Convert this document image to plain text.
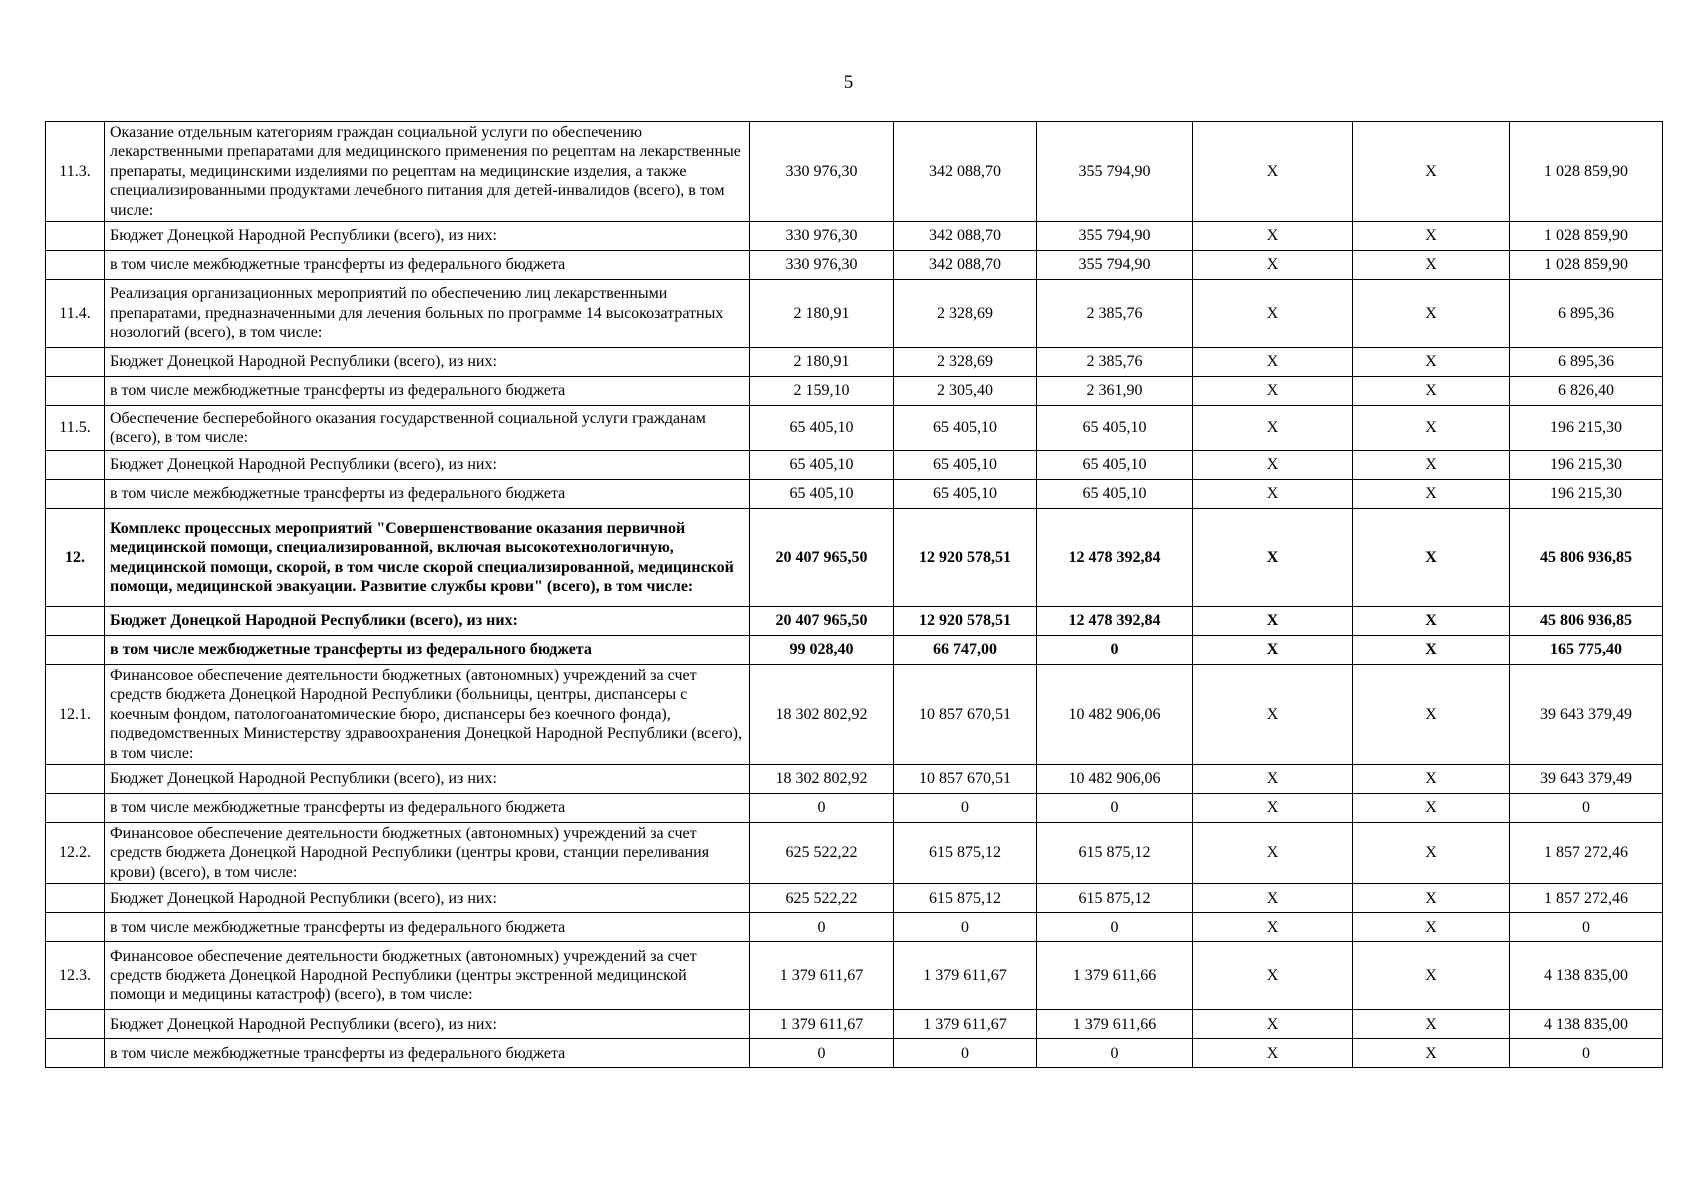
5
11.3.	Оказание отдельным категориям граждан социальной услуги по обеспечению лекарственными препаратами для медицинского применения по рецептам на лекарственные препараты, медицинскими изделиями по рецептам на медицинские изделия, а также специализированными продуктами лечебного питания для детей-инвалидов (всего), в том числе:	330 976,30	342 088,70	355 794,90	X	X	1 028 859,90
	Бюджет Донецкой Народной Республики (всего), из них:	330 976,30	342 088,70	355 794,90	X	X	1 028 859,90
	в том числе межбюджетные трансферты из федерального бюджета	330 976,30	342 088,70	355 794,90	X	X	1 028 859,90
11.4.	Реализация организационных мероприятий по обеспечению лиц лекарственными препаратами, предназначенными для лечения больных по программе 14 высокозатратных нозологий (всего), в том числе:	2 180,91	2 328,69	2 385,76	X	X	6 895,36
	Бюджет Донецкой Народной Республики (всего), из них:	2 180,91	2 328,69	2 385,76	X	X	6 895,36
	в том числе межбюджетные трансферты из федерального бюджета	2 159,10	2 305,40	2 361,90	X	X	6 826,40
11.5.	Обеспечение бесперебойного оказания государственной социальной услуги гражданам (всего), в том числе:	65 405,10	65 405,10	65 405,10	X	X	196 215,30
	Бюджет Донецкой Народной Республики (всего), из них:	65 405,10	65 405,10	65 405,10	X	X	196 215,30
	в том числе межбюджетные трансферты из федерального бюджета	65 405,10	65 405,10	65 405,10	X	X	196 215,30
12.	Комплекс процессных мероприятий "Совершенствование оказания первичной медицинской помощи, специализированной, включая высокотехнологичную, медицинской помощи, скорой, в том числе скорой специализированной, медицинской помощи, медицинской эвакуации. Развитие службы крови" (всего), в том числе:	20 407 965,50	12 920 578,51	12 478 392,84	X	X	45 806 936,85
	Бюджет Донецкой Народной Республики (всего), из них:	20 407 965,50	12 920 578,51	12 478 392,84	X	X	45 806 936,85
	в том числе межбюджетные трансферты из федерального бюджета	99 028,40	66 747,00	0	X	X	165 775,40
12.1.	Финансовое обеспечение деятельности бюджетных (автономных) учреждений за счет средств бюджета Донецкой Народной Республики (больницы, центры, диспансеры с коечным фондом, патологоанатомические бюро, диспансеры без коечного фонда), подведомственных Министерству здравоохранения Донецкой Народной Республики (всего), в том числе:	18 302 802,92	10 857 670,51	10 482 906,06	X	X	39 643 379,49
	Бюджет Донецкой Народной Республики (всего), из них:	18 302 802,92	10 857 670,51	10 482 906,06	X	X	39 643 379,49
	в том числе межбюджетные трансферты из федерального бюджета	0	0	0	X	X	0
12.2.	Финансовое обеспечение деятельности бюджетных (автономных) учреждений за счет средств бюджета Донецкой Народной Республики (центры крови, станции переливания крови) (всего), в том числе:	625 522,22	615 875,12	615 875,12	X	X	1 857 272,46
	Бюджет Донецкой Народной Республики (всего), из них:	625 522,22	615 875,12	615 875,12	X	X	1 857 272,46
	в том числе межбюджетные трансферты из федерального бюджета	0	0	0	X	X	0
12.3.	Финансовое обеспечение деятельности бюджетных (автономных) учреждений за счет средств бюджета Донецкой Народной Республики (центры экстренной медицинской помощи и медицины катастроф) (всего), в том числе:	1 379 611,67	1 379 611,67	1 379 611,66	X	X	4 138 835,00
	Бюджет Донецкой Народной Республики (всего), из них:	1 379 611,67	1 379 611,67	1 379 611,66	X	X	4 138 835,00
	в том числе межбюджетные трансферты из федерального бюджета	0	0	0	X	X	0
